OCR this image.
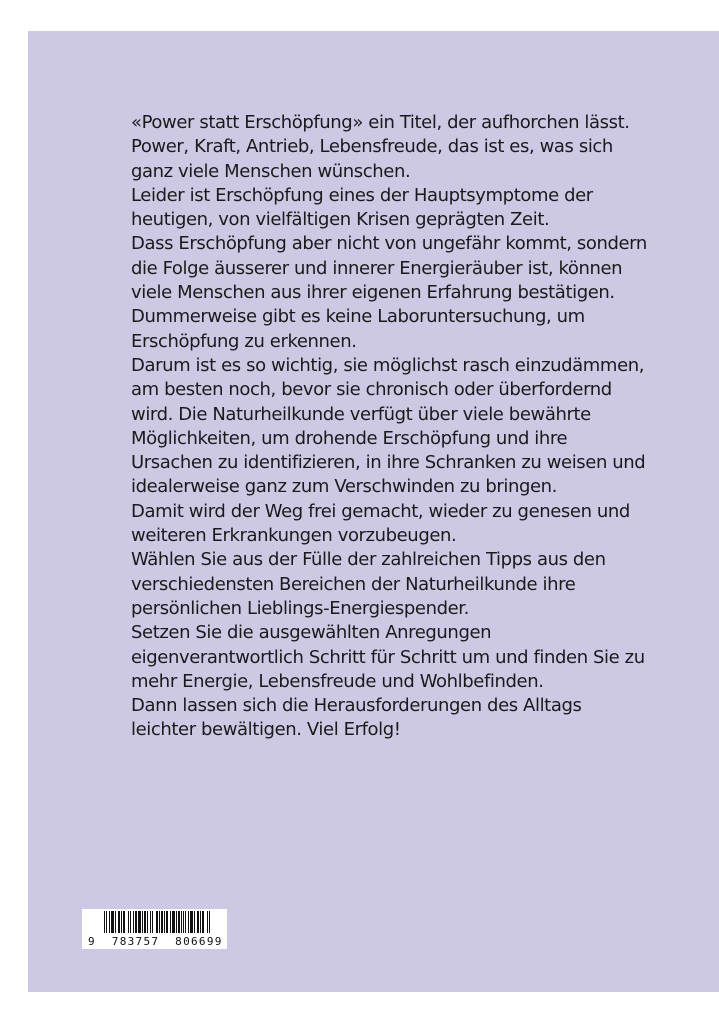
«Power statt Erschöpfung» ein Titel, der aufhorchen lässt. Power, Kraft, Antrieb, Lebensfreude, das ist es, was sich ganz viele Menschen wünschen.

Leider ist Erschöpfung eines der Hauptsymptome der heutigen, von vielfältigen Krisen geprägten Zeit.

Dass Erschöpfung aber nicht von ungefähr kommt, sondern die Folge äusserer und innerer Energieräuber ist, können viele Menschen aus ihrer eigenen Erfahrung bestätigen.

Dummerweise gibt es keine Laboruntersuchung, um Erschöpfung zu erkennen.

Darum ist es so wichtig, sie möglichst rasch einzudämmen, am besten noch, bevor sie chronisch oder überfordernd wird. Die Naturheilkunde verfügt über viele bewährte Möglichkeiten, um drohende Erschöpfung und ihre Ursachen zu identifizieren, in ihre Schranken zu weisen und idealerweise ganz zum Verschwinden zu bringen.

Damit wird der Weg frei gemacht, wieder zu genesen und weiteren Erkrankungen vorzubeugen.

Wählen Sie aus der Fülle der zahlreichen Tipps aus den verschiedensten Bereichen der Naturheilkunde ihre persönlichen Lieblings-Energiespender.

Setzen Sie die ausgewählten Anregungen eigenverantwortlich Schritt für Schritt um und finden Sie zu mehr Energie, Lebensfreude und Wohlbefinden.

Dann lassen sich die Herausforderungen des Alltags leichter bewältigen. Viel Erfolg!

9  783757  806699
